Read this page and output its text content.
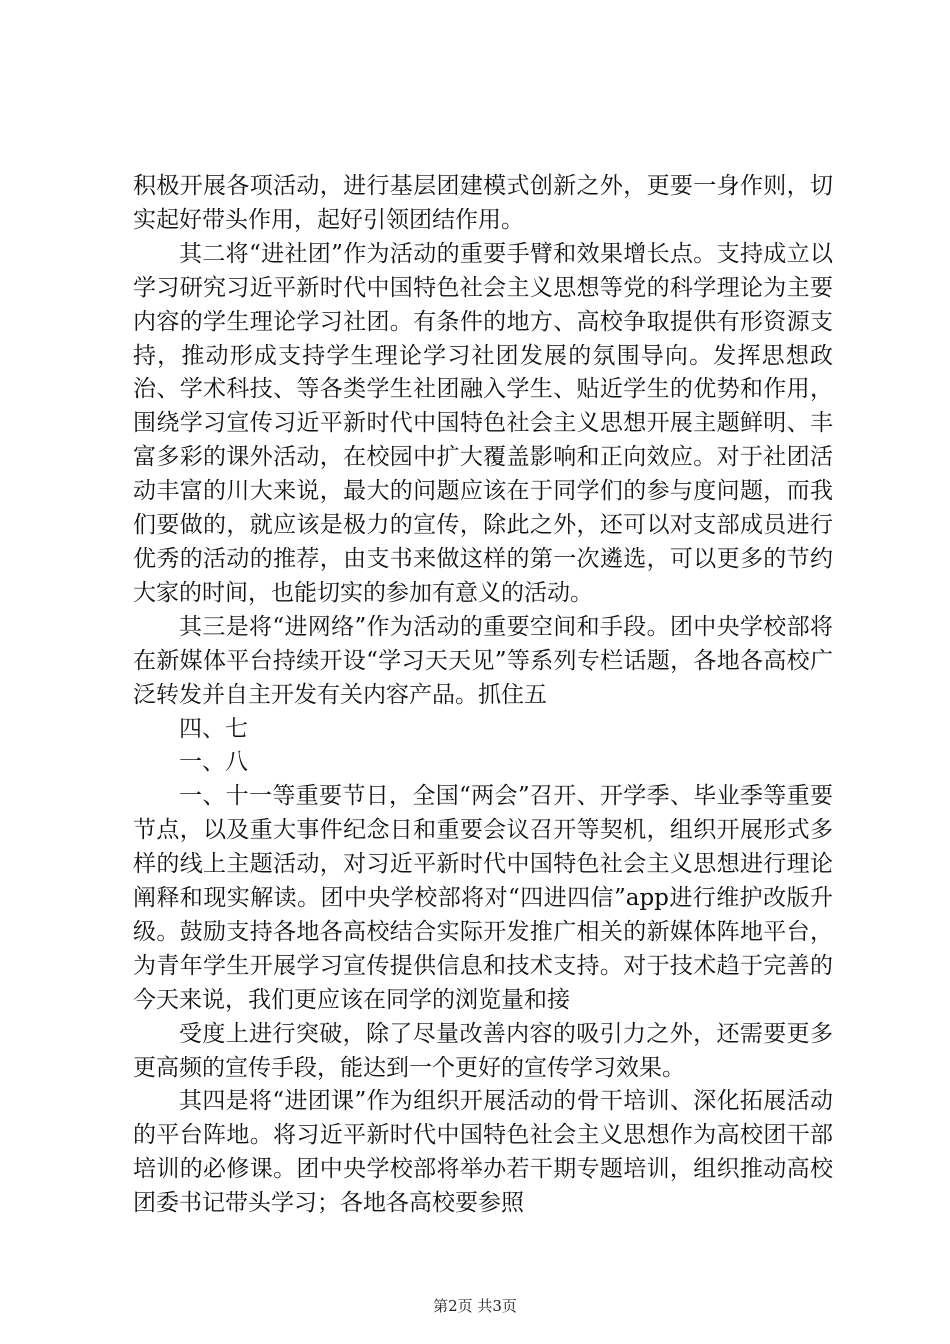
积极开展各项活动，进行基层团建模式创新之外，更要一身作则，切实起好带头作用，起好引领团结作用。

其二将“进社团”作为活动的重要手臂和效果增长点。支持成立以学习研究习近平新时代中国特色社会主义思想等党的科学理论为主要内容的学生理论学习社团。有条件的地方、高校争取提供有形资源支持，推动形成支持学生理论学习社团发展的氛围导向。发挥思想政治、学术科技、等各类学生社团融入学生、贴近学生的优势和作用，围绕学习宣传习近平新时代中国特色社会主义思想开展主题鲜明、丰富多彩的课外活动，在校园中扩大覆盖影响和正向效应。对于社团活动丰富的川大来说，最大的问题应该在于同学们的参与度问题，而我们要做的，就应该是极力的宣传，除此之外，还可以对支部成员进行优秀的活动的推荐，由支书来做这样的第一次遴选，可以更多的节约大家的时间，也能切实的参加有意义的活动。

其三是将“进网络”作为活动的重要空间和手段。团中央学校部将在新媒体平台持续开设“学习天天见”等系列专栏话题，各地各高校广泛转发并自主开发有关内容产品。抓住五

四、七

一、八

一、十一等重要节日，全国“两会”召开、开学季、毕业季等重要节点，以及重大事件纪念日和重要会议召开等契机，组织开展形式多样的线上主题活动，对习近平新时代中国特色社会主义思想进行理论阐释和现实解读。团中央学校部将对“四进四信”app进行维护改版升级。鼓励支持各地各高校结合实际开发推广相关的新媒体阵地平台，为青年学生开展学习宣传提供信息和技术支持。对于技术趋于完善的今天来说，我们更应该在同学的浏览量和接

受度上进行突破，除了尽量改善内容的吸引力之外，还需要更多更高频的宣传手段，能达到一个更好的宣传学习效果。

其四是将“进团课”作为组织开展活动的骨干培训、深化拓展活动的平台阵地。将习近平新时代中国特色社会主义思想作为高校团干部培训的必修课。团中央学校部将举办若干期专题培训，组织推动高校团委书记带头学习；各地各高校要参照

第2页 共3页
